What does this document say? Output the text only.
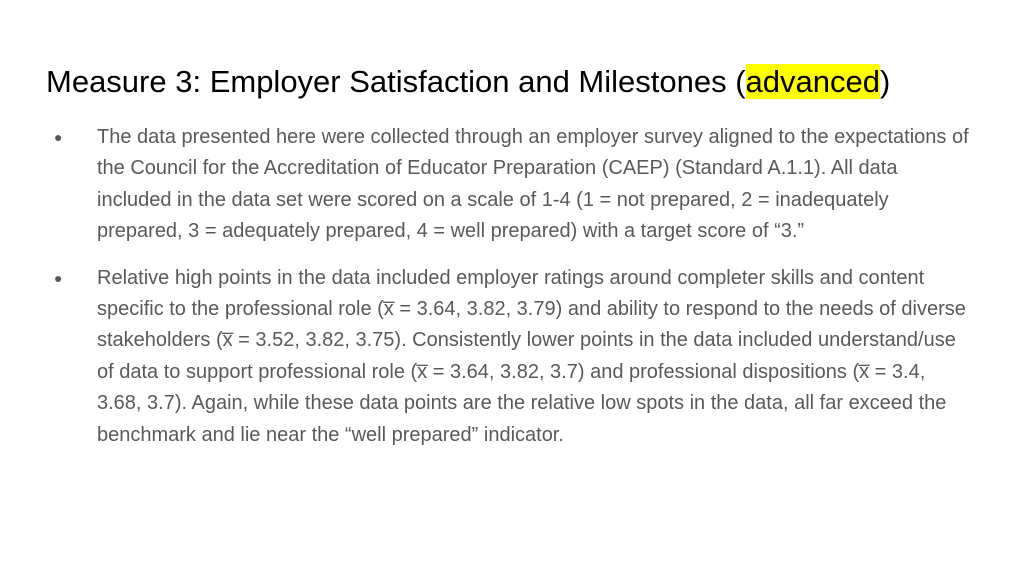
Measure 3: Employer Satisfaction and Milestones (advanced)
● The data presented here were collected through an employer survey aligned to the expectations of the Council for the Accreditation of Educator Preparation (CAEP) (Standard A.1.1). All data included in the data set were scored on a scale of 1-4 (1 = not prepared, 2 = inadequately prepared, 3 = adequately prepared, 4 = well prepared) with a target score of “3.”
● Relative high points in the data included employer ratings around completer skills and content specific to the professional role (x̅ = 3.64, 3.82, 3.79) and ability to respond to the needs of diverse stakeholders (x̅ = 3.52, 3.82, 3.75). Consistently lower points in the data included understand/use of data to support professional role (x̅ = 3.64, 3.82, 3.7) and professional dispositions (x̅ = 3.4, 3.68, 3.7). Again, while these data points are the relative low spots in the data, all far exceed the benchmark and lie near the “well prepared” indicator.
